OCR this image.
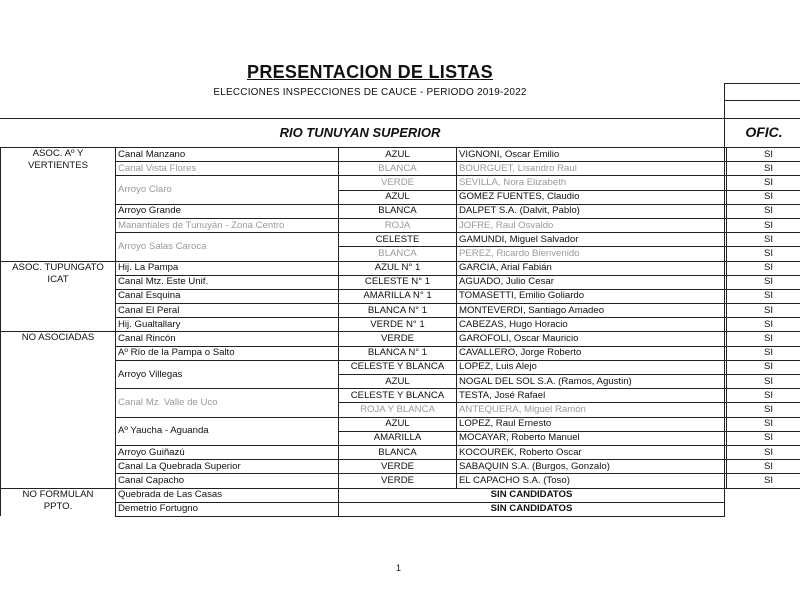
PRESENTACION DE LISTAS
ELECCIONES INSPECCIONES DE CAUCE - PERIODO 2019-2022
RIO TUNUYAN SUPERIOR	OFIC.
ASOC. Aº Y
VERTIENTES	Canal Manzano	AZUL	VIGNONI, Oscar Emilio		SI
	Canal Vista Flores	BLANCA	BOURGUET, Lisandro Raul		SI
	Arroyo Claro	VERDE	SEVILLA, Nora Elizabeth		SI
		AZUL	GOMEZ FUENTES, Claudio		SI
	Arroyo Grande	BLANCA	DALPET S.A. (Dalvit, Pablo)		SI
	Manantiales de Tunuyán - Zona Centro	ROJA	JOFRE, Raul Osvaldo		SI
	Arroyo Salas Caroca	CELESTE	GAMUNDI, Miguel Salvador		SI
		BLANCA	PEREZ, Ricardo Bienvenido		SI
ASOC. TUPUNGATO
ICAT	Hij. La Pampa	AZUL N° 1	GARCIA, Arial Fabián		SI
	Canal Mtz. Este Unif.	CELESTE N° 1	AGUADO, Julio Cesar		SI
	Canal Esquina	AMARILLA N° 1	TOMASETTI, Emilio Goliardo		SI
	Canal El Peral	BLANCA N° 1	MONTEVERDI, Santiago Amadeo		SI
	Hij. Gualtallary	VERDE N° 1	CABEZAS, Hugo Horacio		SI
NO ASOCIADAS	Canal Rincón	VERDE	GAROFOLI, Oscar Mauricio		SI
	Aº Río de la Pampa o Salto	BLANCA N° 1	CAVALLERO, Jorge Roberto		SI
	Arroyo Villegas	CELESTE Y BLANCA	LOPEZ, Luis Alejo		SI
		AZUL	NOGAL DEL SOL S.A. (Ramos, Agustin)		SI
	Canal Mz. Valle de Uco	CELESTE Y BLANCA	TESTA, José Rafael		SI
		ROJA Y BLANCA	ANTEQUERA, Miguel Ramón		SI
	Aº Yaucha - Aguanda	AZUL	LOPEZ, Raul Ernesto		SI
		AMARILLA	MOCAYAR, Roberto Manuel		SI
	Arroyo Guiñazú	BLANCA	KOCOUREK, Roberto Oscar		SI
	Canal La Quebrada Superior	VERDE	SABAQUIN S.A. (Burgos, Gonzalo)		SI
	Canal Capacho	VERDE	EL CAPACHO S.A. (Toso)		SI
NO FORMULAN
PPTO.	Quebrada de Las Casas	SIN CANDIDATOS			
	Demetrio Fortugno	SIN CANDIDATOS			
1
